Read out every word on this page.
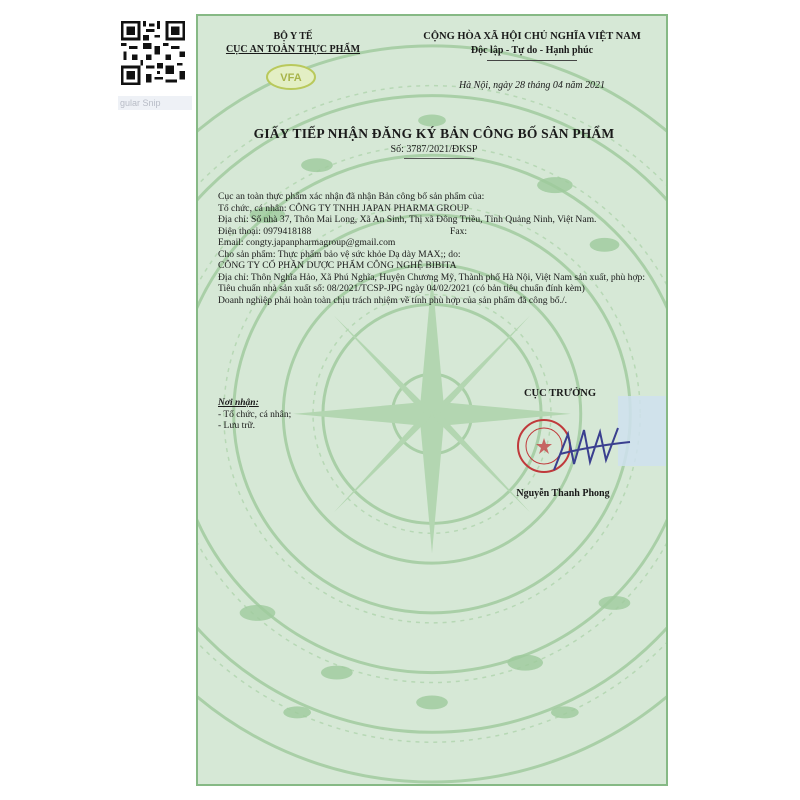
gular Snip
BỘ Y TẾ
CỤC AN TOÀN THỰC PHẨM
VFA
CỘNG HÒA XÃ HỘI CHỦ NGHĨA VIỆT NAM
Độc lập - Tự do - Hạnh phúc
Hà Nội, ngày 28 tháng 04 năm 2021
GIẤY TIẾP NHẬN ĐĂNG KÝ BẢN CÔNG BỐ SẢN PHẨM
Số: 3787/2021/ĐKSP

Cục an toàn thực phẩm xác nhận đã nhận Bản công bố sản phẩm của:

Tổ chức, cá nhân: CÔNG TY TNHH JAPAN PHARMA GROUP

Địa chỉ: Số nhà 37, Thôn Mai Long, Xã An Sinh, Thị xã Đông Triều, Tỉnh Quảng Ninh, Việt Nam.

Điện thoại: 0979418188	Fax:

Email: congty.japanpharmagroup@gmail.com

Cho sản phẩm: Thực phẩm bảo vệ sức khỏe Dạ dày MAX;; do:

CÔNG TY CỔ PHẦN DƯỢC PHẨM CÔNG NGHỆ BIBITA

Địa chỉ: Thôn Nghĩa Hảo, Xã Phú Nghĩa, Huyện Chương Mỹ, Thành phố Hà Nội, Việt Nam sản xuất, phù hợp:

Tiêu chuẩn nhà sản xuất số: 08/2021/TCSP-JPG ngày 04/02/2021 (có bản tiêu chuẩn đính kèm)

Doanh nghiệp phải hoàn toàn chịu trách nhiệm về tính phù hợp của sản phẩm đã công bố./.

Nơi nhận:
- Tổ chức, cá nhân;
- Lưu trữ.
CỤC TRƯỞNG
Nguyễn Thanh Phong
